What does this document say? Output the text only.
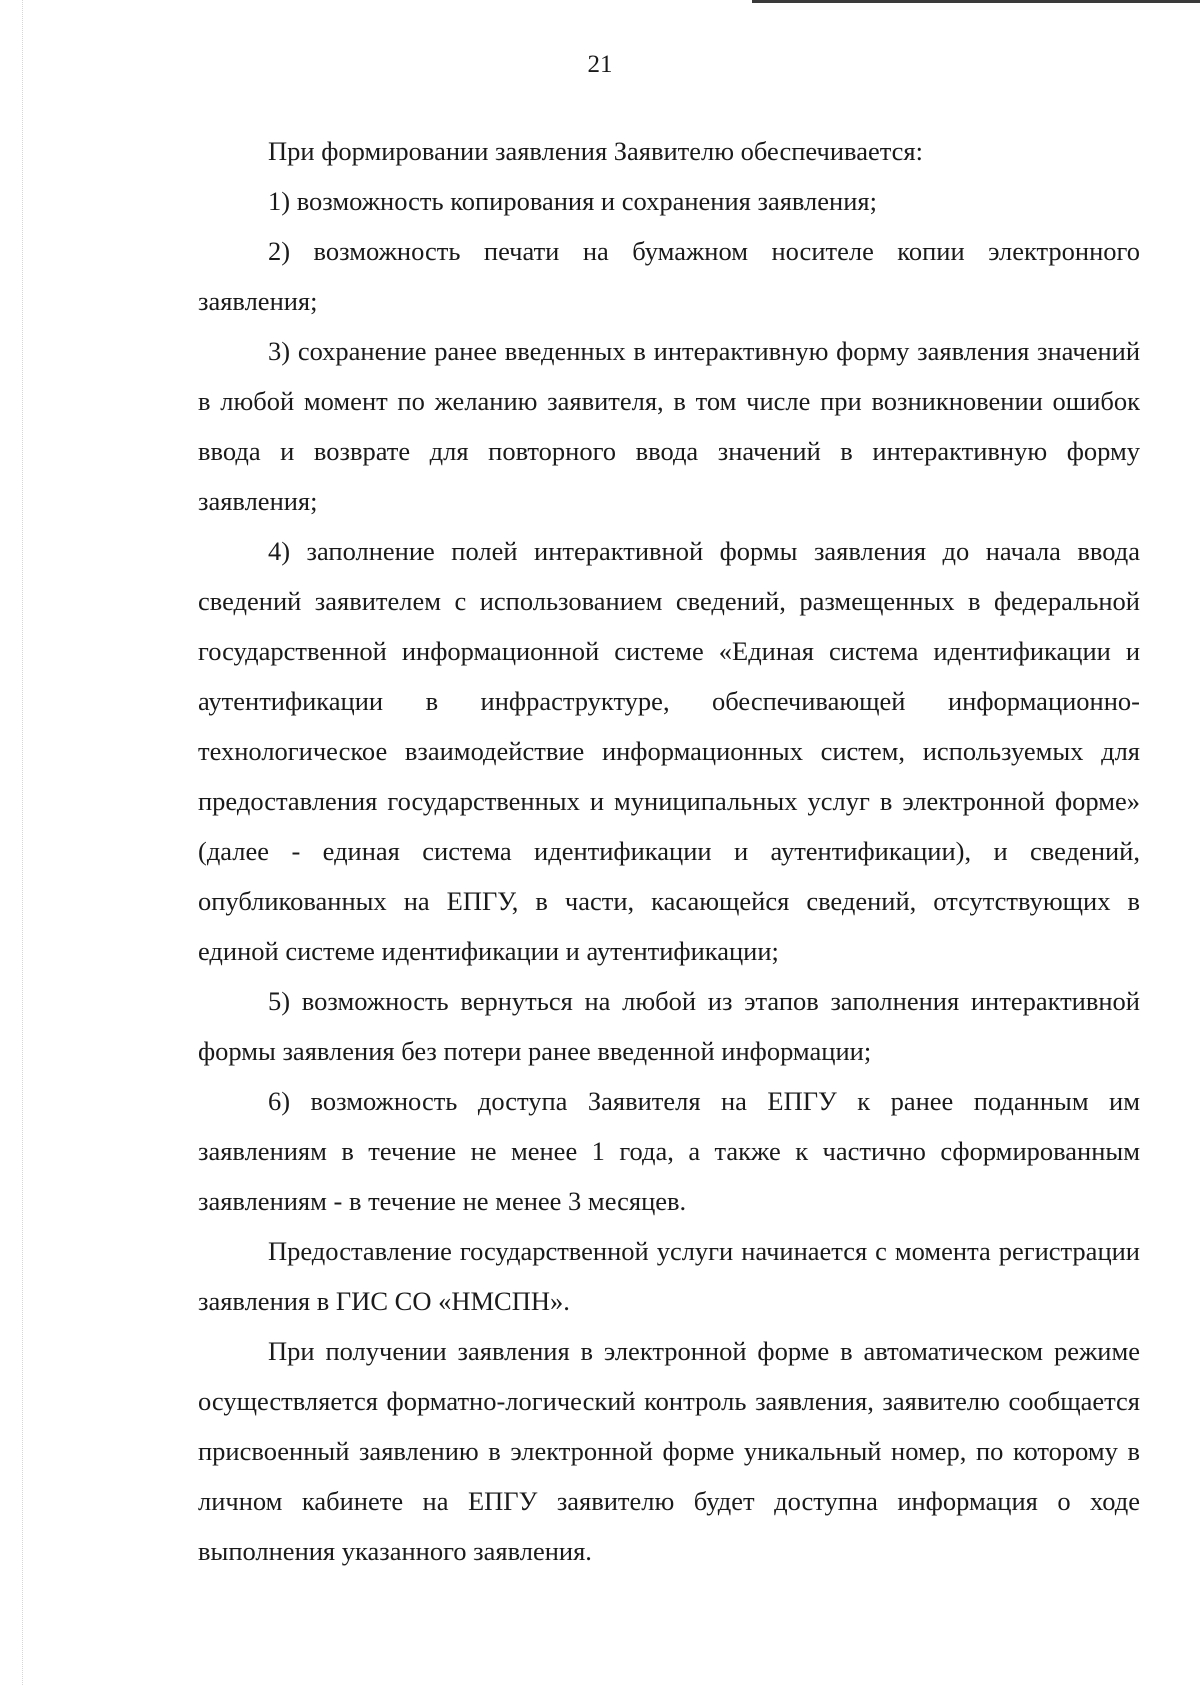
21

При формировании заявления Заявителю обеспечивается:

1) возможность копирования и сохранения заявления;

2) возможность печати на бумажном носителе копии электронного заявления;

3) сохранение ранее введенных в интерактивную форму заявления значений в любой момент по желанию заявителя, в том числе при возникновении ошибок ввода и возврате для повторного ввода значений в интерактивную форму заявления;

4) заполнение полей интерактивной формы заявления до начала ввода сведений заявителем с использованием сведений, размещенных в федеральной государственной информационной системе «Единая система идентификации и аутентификации в инфраструктуре, обеспечивающей информационно-технологическое взаимодействие информационных систем, используемых для предоставления государственных и муниципальных услуг в электронной форме» (далее - единая система идентификации и аутентификации), и сведений, опубликованных на ЕПГУ, в части, касающейся сведений, отсутствующих в единой системе идентификации и аутентификации;

5) возможность вернуться на любой из этапов заполнения интерактивной формы заявления без потери ранее введенной информации;

6) возможность доступа Заявителя на ЕПГУ к ранее поданным им заявлениям в течение не менее 1 года, а также к частично сформированным заявлениям - в течение не менее 3 месяцев.

Предоставление государственной услуги начинается с момента регистрации заявления в ГИС СО «НМСПН».

При получении заявления в электронной форме в автоматическом режиме осуществляется форматно-логический контроль заявления, заявителю сообщается присвоенный заявлению в электронной форме уникальный номер, по которому в личном кабинете на ЕПГУ заявителю будет доступна информация о ходе выполнения указанного заявления.
